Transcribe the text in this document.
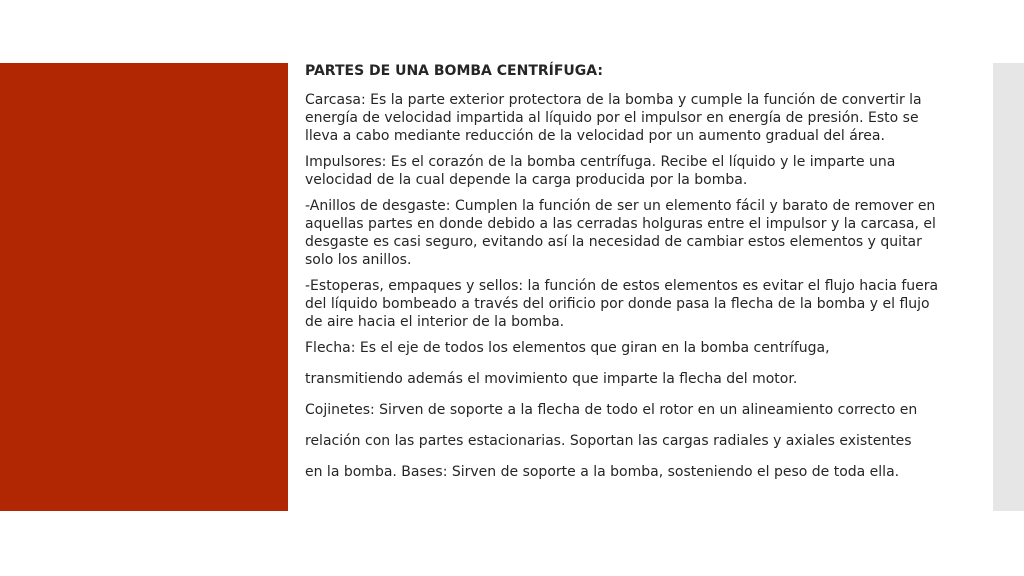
PARTES DE UNA BOMBA CENTRÍFUGA:

Carcasa: Es la parte exterior protectora de la bomba y cumple la función de convertir la energía de velocidad impartida al líquido por el impulsor en energía de presión. Esto se lleva a cabo mediante reducción de la velocidad por un aumento gradual del área.

Impulsores: Es el corazón de la bomba centrífuga. Recibe el líquido y le imparte una velocidad de la cual depende la carga producida por la bomba.

-Anillos de desgaste: Cumplen la función de ser un elemento fácil y barato de remover en aquellas partes en donde debido a las cerradas holguras entre el impulsor y la carcasa, el desgaste es casi seguro, evitando así la necesidad de cambiar estos elementos y quitar solo los anillos.

-Estoperas, empaques y sellos: la función de estos elementos es evitar el flujo hacia fuera del líquido bombeado a través del orificio por donde pasa la flecha de la bomba y el flujo de aire hacia el interior de la bomba.

Flecha: Es el eje de todos los elementos que giran en la bomba centrífuga,

transmitiendo además el movimiento que imparte la flecha del motor.

Cojinetes: Sirven de soporte a la flecha de todo el rotor en un alineamiento correcto en

relación con las partes estacionarias. Soportan las cargas radiales y axiales existentes

en la bomba. Bases: Sirven de soporte a la bomba, sosteniendo el peso de toda ella.
